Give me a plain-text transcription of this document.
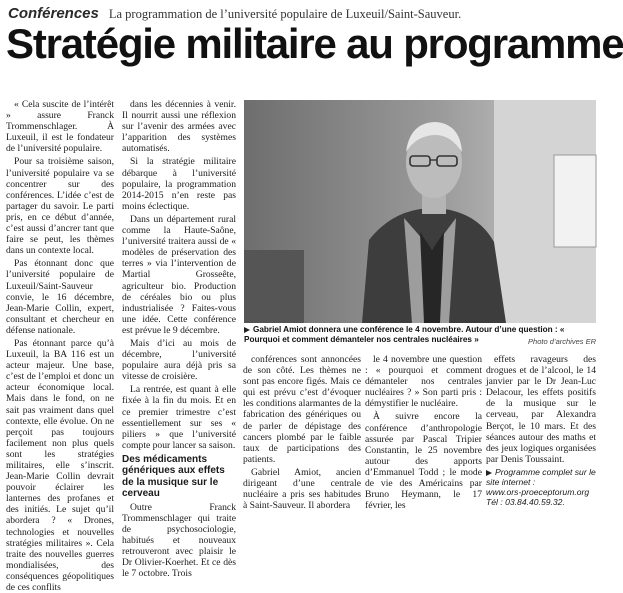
Conférences La programmation de l’université populaire de Luxeuil/Saint-Sauveur.
Stratégie militaire au programme

« Cela suscite de l’intérêt » assure Franck Trommenschlager. À Luxeuil, il est le fondateur de l’université populaire.

Pour sa troisième saison, l’université populaire va se concentrer sur des conférences. L’idée c’est de partager du savoir. Le parti pris, en ce début d’année, c’est aussi d’ancrer tant que faire se peut, les thèmes dans un contexte local.

Pas étonnant donc que l’université populaire de Luxeuil/Saint-Sauveur convie, le 16 décembre, Jean-Marie Collin, expert, consultant et chercheur en défense nationale.

Pas étonnant parce qu’à Luxeuil, la BA 116 est un acteur majeur. Une base, c’est de l’emploi et donc un acteur économique local. Mais dans le fond, on ne sait pas vraiment dans quel contexte, elle évolue. On ne perçoit pas toujours facilement non plus quels sont les stratégies militaires, elle s’inscrit. Jean-Marie Collin devrait pouvoir éclairer les lanternes des profanes et des initiés. Le sujet qu’il abordera ? « Drones, technologies et nouvelles stratégies militaires ». Cela traite des nouvelles guerres mondialisées, des conséquences géopolitiques de ces conflits

dans les décennies à venir. Il nourrit aussi une réflexion sur l’avenir des armées avec l’apparition des systèmes automatisés.

Si la stratégie militaire débarque à l’université populaire, la programmation 2014-2015 n’en reste pas moins éclectique.

Dans un département rural comme la Haute-Saône, l’université traitera aussi de « modèles de préservation des terres » via l’intervention de Martial Grosseête, agriculteur bio. Production de céréales bio ou plus industrialisée ? Faites-vous une idée. Cette conférence est prévue le 9 décembre.

Mais d’ici au mois de décembre, l’université populaire aura déjà pris sa vitesse de croisière.

La rentrée, est quant à elle fixée à la fin du mois. Et en ce premier trimestre c’est essentiellement sur ses « piliers » que l’université compte pour lancer sa saison.

Des médicaments génériques aux effets de la musique sur le cerveau

Outre Franck Trommenschlager qui traite de psychosociologie, habitués et nouveaux retrouveront avec plaisir le Dr Olivier-Koerhet. Et ce dès le 7 octobre. Trois

Gabriel Amiot donnera une conférence le 4 novembre. Autour d’une question : « Pourquoi et comment démanteler nos centrales nucléaires »	Photo d’archives ER

conférences sont annoncées de son côté. Les thèmes ne sont pas encore figés. Mais ce qui est prévu c’est d’évoquer les conditions alarmantes de la fabrication des génériques ou de parler de dépistage des cancers plombé par le faible taux de participations des patients.

Gabriel Amiot, ancien dirigeant d’une centrale nucléaire a pris ses habitudes à Saint-Sauveur. Il abordera

le 4 novembre une question : « pourquoi et comment démanteler nos centrales nucléaires ? » Son parti pris : démystifier le nucléaire.

À suivre encore la conférence d’anthropologie assurée par Pascal Tripier Constantin, le 25 novembre autour des apports d’Emmanuel Todd ; le mode de vie des Américains par Bruno Heymann, le 17 février, les

effets ravageurs des drogues et de l’alcool, le 14 janvier par le Dr Jean-Luc Delacour, les effets positifs de la musique sur le cerveau, par Alexandra Berçot, le 10 mars. Et des séances autour des maths et des jeux logiques organisées par Denis Toussaint.

Programme complet sur le site internet :
www.ors-proeceptorum.org
Tél : 03.84.40.59.32.
